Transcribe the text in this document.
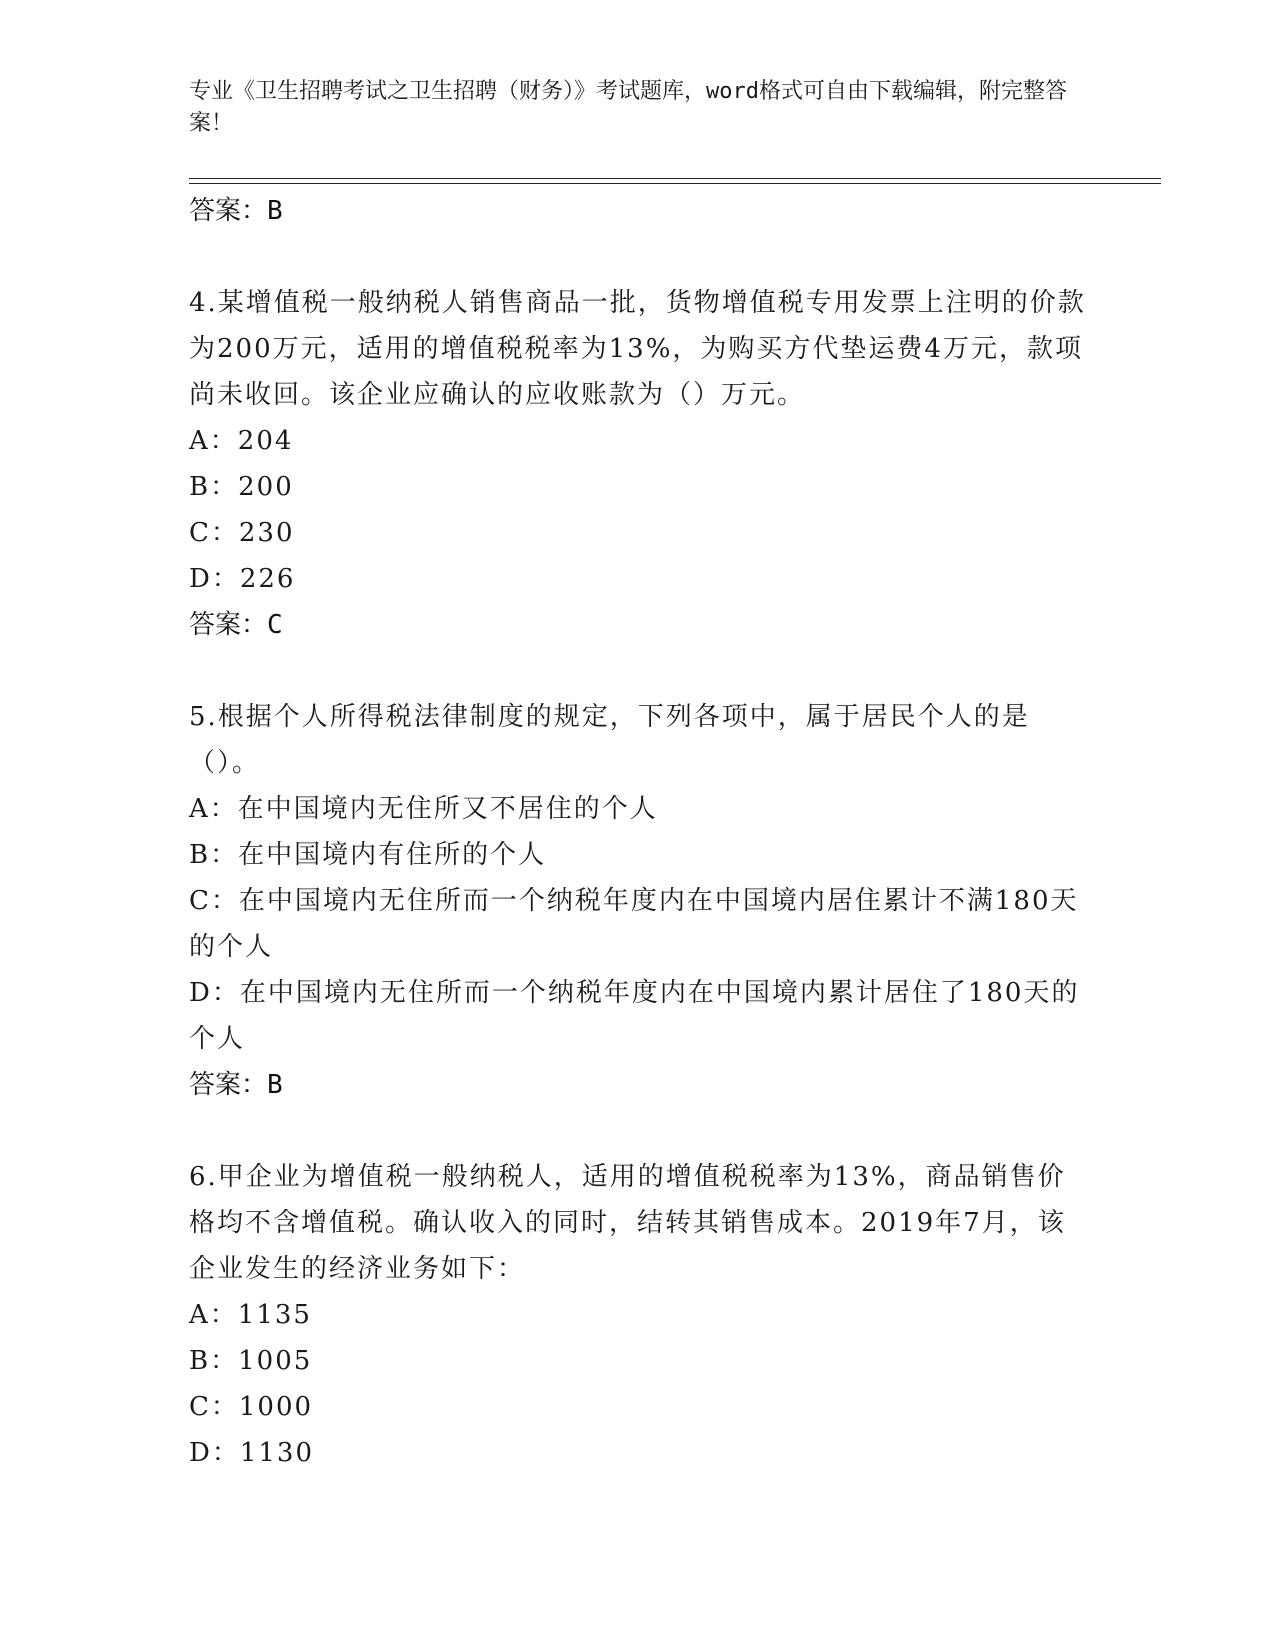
专业《卫生招聘考试之卫生招聘（财务）》考试题库，word格式可自由下载编辑，附完整答案！

答案：B

4.某增值税一般纳税人销售商品一批，货物增值税专用发票上注明的价款为200万元，适用的增值税税率为13%，为购买方代垫运费4万元，款项尚未收回。该企业应确认的应收账款为（）万元。

A：204

B：200

C：230

D：226

答案：C

5.根据个人所得税法律制度的规定，下列各项中，属于居民个人的是（）。

A：在中国境内无住所又不居住的个人

B：在中国境内有住所的个人

C：在中国境内无住所而一个纳税年度内在中国境内居住累计不满180天的个人

D：在中国境内无住所而一个纳税年度内在中国境内累计居住了180天的个人

答案：B

6.甲企业为增值税一般纳税人，适用的增值税税率为13%，商品销售价格均不含增值税。确认收入的同时，结转其销售成本。2019年7月，该企业发生的经济业务如下：

A：1135

B：1005

C：1000

D：1130
